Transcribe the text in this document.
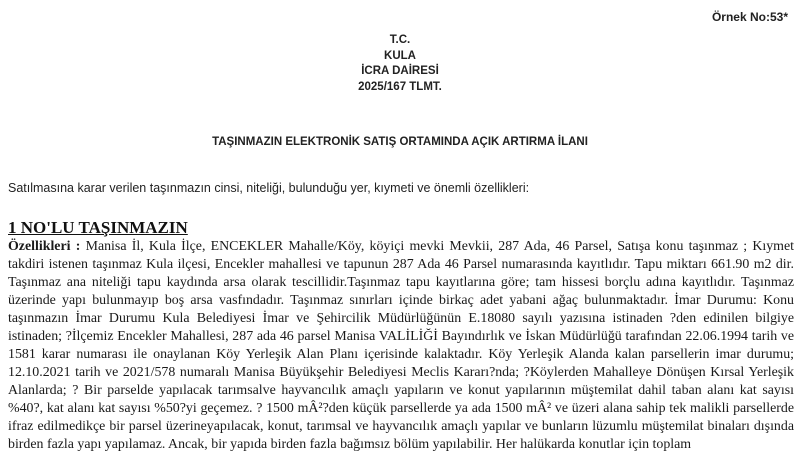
Örnek No:53*
T.C.
KULA
İCRA DAİRESİ
2025/167 TLMT.
TAŞINMAZIN ELEKTRONİK SATIŞ ORTAMINDA AÇIK ARTIRMA İLANI
Satılmasına karar verilen taşınmazın cinsi, niteliği, bulunduğu yer, kıymeti ve önemli özellikleri:
1 NO'LU TAŞINMAZIN
Özellikleri : Manisa İl, Kula İlçe, ENCEKLER Mahalle/Köy, köyiçi mevki Mevkii, 287 Ada, 46 Parsel, Satışa konu taşınmaz ; Kıymet takdiri istenen taşınmaz Kula ilçesi, Encekler mahallesi ve tapunun 287 Ada 46 Parsel numarasında kayıtlıdır. Tapu miktarı 661.90 m2 dir. Taşınmaz ana niteliği tapu kaydında arsa olarak tescillidir.Taşınmaz tapu kayıtlarına göre; tam hissesi borçlu adına kayıtlıdır. Taşınmaz üzerinde yapı bulunmayıp boş arsa vasfındadır. Taşınmaz sınırları içinde birkaç adet yabani ağaç bulunmaktadır. İmar Durumu: Konu taşınmazın İmar Durumu Kula Belediyesi İmar ve Şehircilik Müdürlüğünün E.18080 sayılı yazısına istinaden ?den edinilen bilgiye istinaden; ?İlçemiz Encekler Mahallesi, 287 ada 46 parsel Manisa VALİLİĞİ Bayındırlık ve İskan Müdürlüğü tarafından 22.06.1994 tarih ve 1581 karar numarası ile onaylanan Köy Yerleşik Alan Planı içerisinde kalaktadır. Köy Yerleşik Alanda kalan parsellerin imar durumu; 12.10.2021 tarih ve 2021/578 numaralı Manisa Büyükşehir Belediyesi Meclis Kararı?nda; ?Köylerden Mahalleye Dönüşen Kırsal Yerleşik Alanlarda; ? Bir parselde yapılacak tarımsalve hayvancılık amaçlı yapıların ve konut yapılarının müştemilat dahil taban alanı kat sayısı %40?, kat alanı kat sayısı %50?yi geçemez. ? 1500 mÂ²?den küçük parsellerde ya ada 1500 mÂ² ve üzeri alana sahip tek malikli parsellerde ifraz edilmedikçe bir parsel üzerineyapılacak, konut, tarımsal ve hayvancılık amaçlı yapılar ve bunların lüzumlu müştemilat binaları dışında birden fazla yapı yapılamaz. Ancak, bir yapıda birden fazla bağımsız bölüm yapılabilir. Her halükarda konutlar için toplam
